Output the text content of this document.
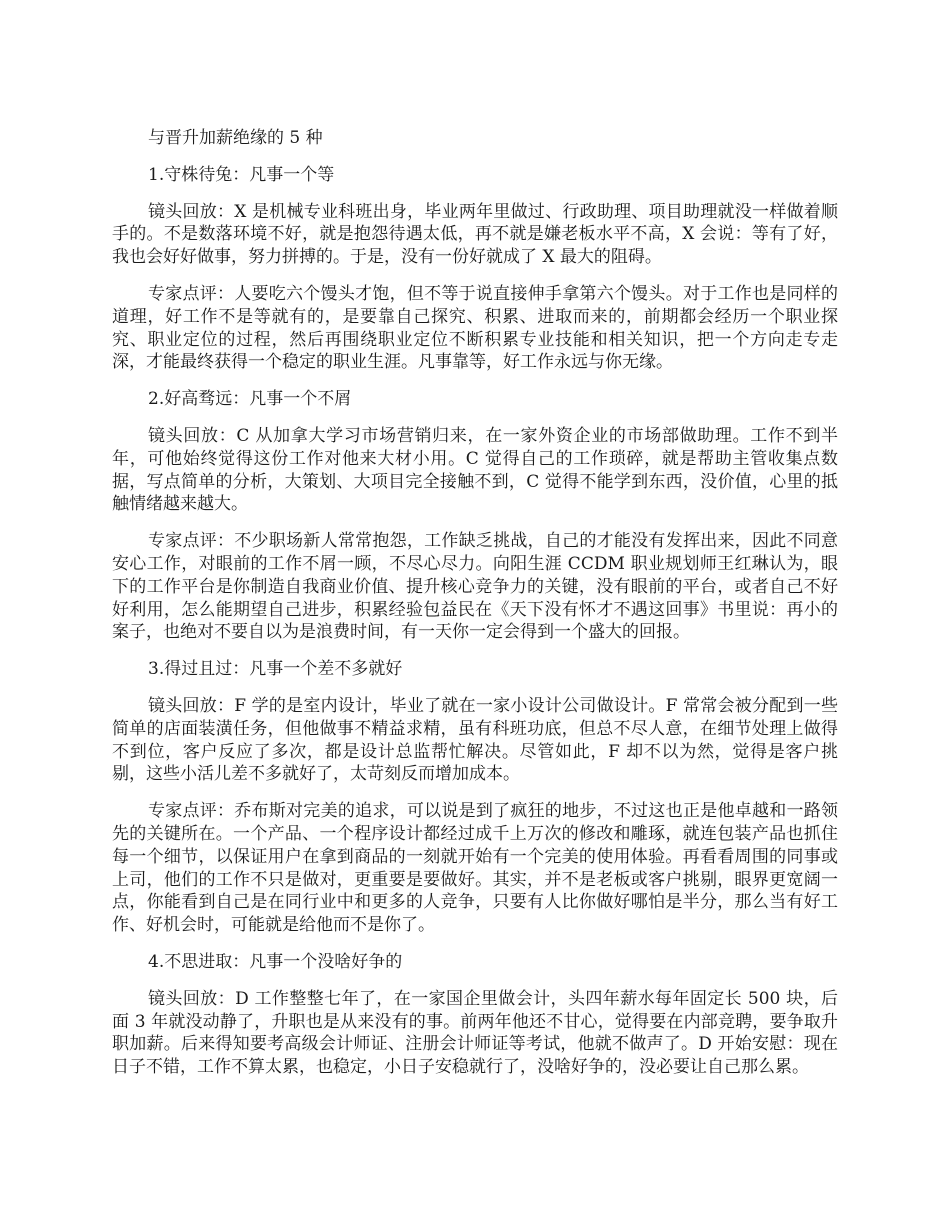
与晋升加薪绝缘的 5 种

1.守株待兔：凡事一个等

镜头回放：X 是机械专业科班出身，毕业两年里做过、行政助理、项目助理就没一样做着顺手的。不是数落环境不好，就是抱怨待遇太低，再不就是嫌老板水平不高，X 会说：等有了好，我也会好好做事，努力拼搏的。于是，没有一份好就成了 X 最大的阻碍。

专家点评：人要吃六个馒头才饱，但不等于说直接伸手拿第六个馒头。对于工作也是同样的道理，好工作不是等就有的，是要靠自己探究、积累、进取而来的，前期都会经历一个职业探究、职业定位的过程，然后再围绕职业定位不断积累专业技能和相关知识，把一个方向走专走深，才能最终获得一个稳定的职业生涯。凡事靠等，好工作永远与你无缘。

2.好高骛远：凡事一个不屑

镜头回放：C 从加拿大学习市场营销归来，在一家外资企业的市场部做助理。工作不到半年，可他始终觉得这份工作对他来大材小用。C 觉得自己的工作琐碎，就是帮助主管收集点数据，写点简单的分析，大策划、大项目完全接触不到，C 觉得不能学到东西，没价值，心里的抵触情绪越来越大。

专家点评：不少职场新人常常抱怨，工作缺乏挑战，自己的才能没有发挥出来，因此不同意安心工作，对眼前的工作不屑一顾，不尽心尽力。向阳生涯 CCDM 职业规划师王红琳认为，眼下的工作平台是你制造自我商业价值、提升核心竞争力的关键，没有眼前的平台，或者自己不好好利用，怎么能期望自己进步，积累经验包益民在《天下没有怀才不遇这回事》书里说：再小的案子，也绝对不要自以为是浪费时间，有一天你一定会得到一个盛大的回报。

3.得过且过：凡事一个差不多就好

镜头回放：F 学的是室内设计，毕业了就在一家小设计公司做设计。F 常常会被分配到一些简单的店面装潢任务，但他做事不精益求精，虽有科班功底，但总不尽人意，在细节处理上做得不到位，客户反应了多次，都是设计总监帮忙解决。尽管如此，F 却不以为然，觉得是客户挑剔，这些小活儿差不多就好了，太苛刻反而增加成本。

专家点评：乔布斯对完美的追求，可以说是到了疯狂的地步，不过这也正是他卓越和一路领先的关键所在。一个产品、一个程序设计都经过成千上万次的修改和雕琢，就连包装产品也抓住每一个细节，以保证用户在拿到商品的一刻就开始有一个完美的使用体验。再看看周围的同事或上司，他们的工作不只是做对，更重要是要做好。其实，并不是老板或客户挑剔，眼界更宽阔一点，你能看到自己是在同行业中和更多的人竞争，只要有人比你做好哪怕是半分，那么当有好工作、好机会时，可能就是给他而不是你了。

4.不思进取：凡事一个没啥好争的

镜头回放：D 工作整整七年了，在一家国企里做会计，头四年薪水每年固定长 500 块，后面 3 年就没动静了，升职也是从来没有的事。前两年他还不甘心，觉得要在内部竞聘，要争取升职加薪。后来得知要考高级会计师证、注册会计师证等考试，他就不做声了。D 开始安慰：现在日子不错，工作不算太累，也稳定，小日子安稳就行了，没啥好争的，没必要让自己那么累。
